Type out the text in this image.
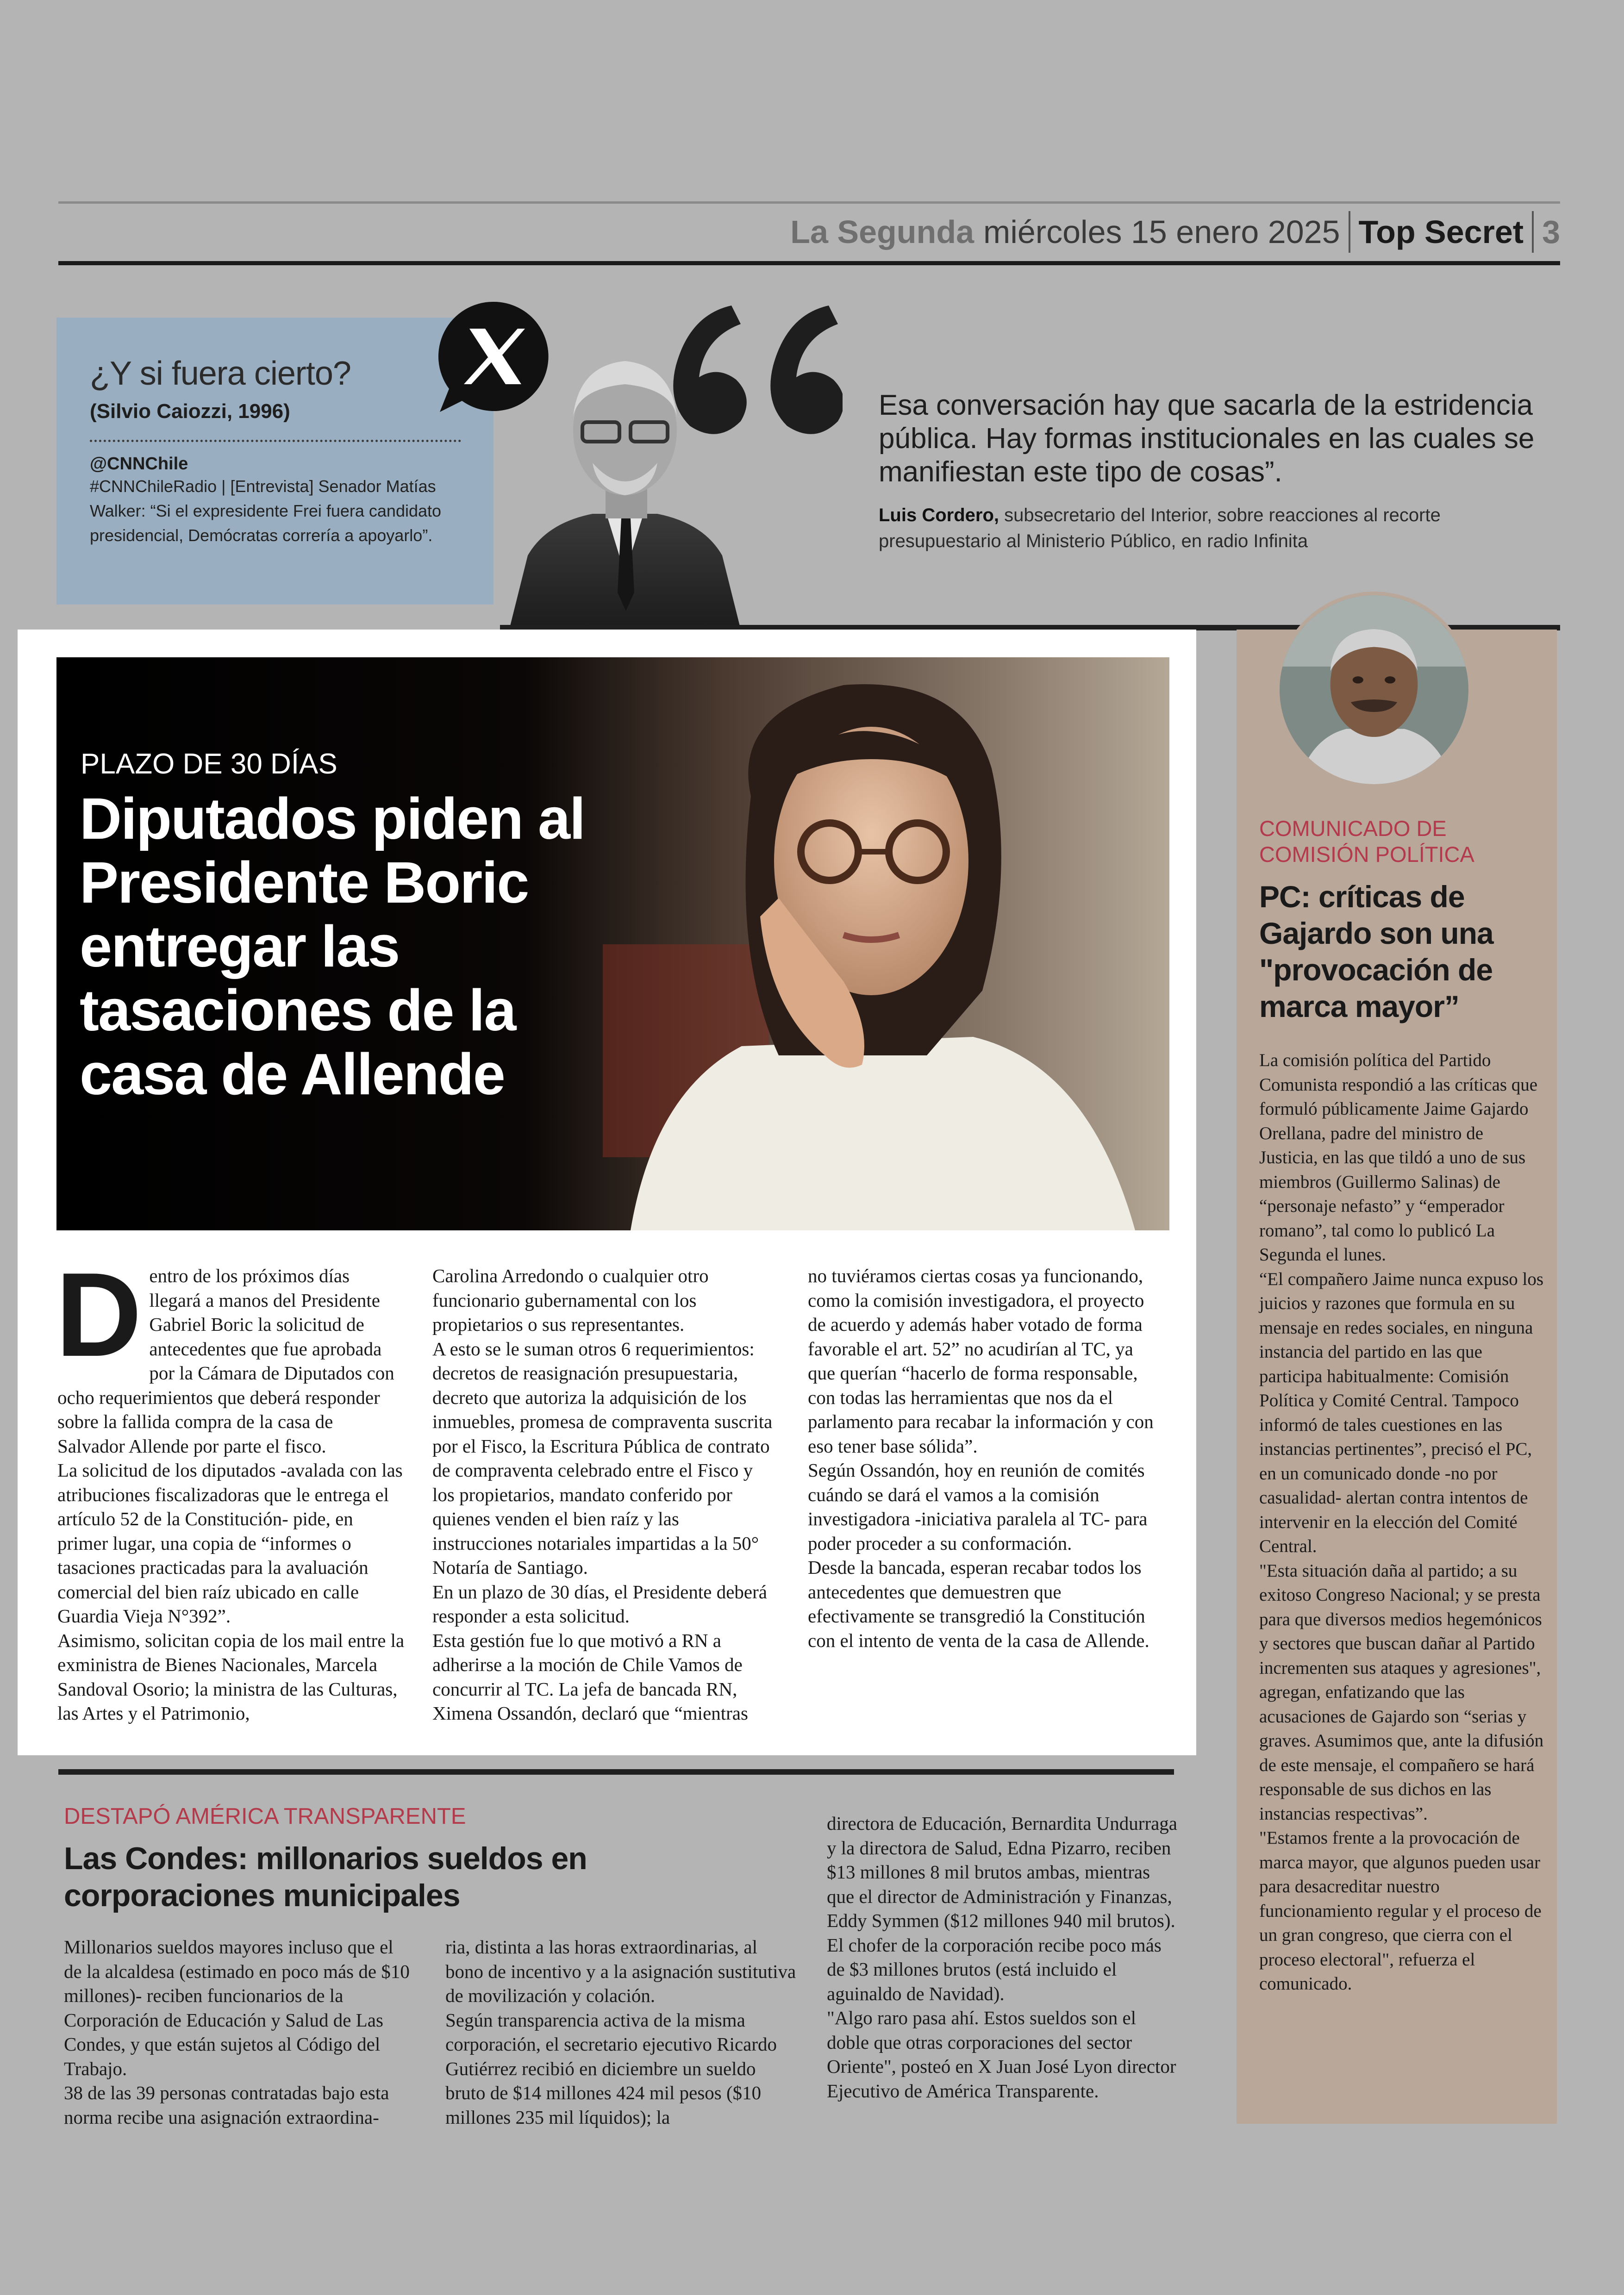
La Segunda miércoles 15 enero 2025 Top Secret 3
¿Y si fuera cierto?
(Silvio Caiozzi, 1996)
@CNNChile
#CNNChileRadio | [Entrevista] Senador Matías Walker: “Si el expresidente Frei fuera candidato presidencial, Demócratas correría a apoyarlo”.
Esa conversación hay que sacarla de la estridencia pública. Hay formas institucionales en las cuales se manifiestan este tipo de cosas”.
Luis Cordero, subsecretario del Interior, sobre reacciones al recorte presupuestario al Ministerio Público, en radio Infinita
COMUNICADO DE COMISIÓN POLÍTICA
PC: críticas de Gajardo son una "provocación de marca mayor”

La comisión política del Partido Comunista respondió a las críticas que formuló públicamente Jaime Gajardo Orellana, padre del ministro de Justicia, en las que tildó a uno de sus miembros (Guillermo Salinas) de “personaje nefasto” y “emperador romano”, tal como lo publicó La Segunda el lunes.

“El compañero Jaime nunca expuso los juicios y razones que formula en su mensaje en redes sociales, en ninguna instancia del partido en las que participa habitualmente: Comisión Política y Comité Central. Tampoco informó de tales cuestiones en las instancias pertinentes”, precisó el PC, en un comunicado donde -no por casualidad- alertan contra intentos de intervenir en la elección del Comité Central.

"Esta situación daña al partido; a su exitoso Congreso Nacional; y se presta para que diversos medios hegemónicos y sectores que buscan dañar al Partido incrementen sus ataques y agresiones", agregan, enfatizando que las acusaciones de Gajardo son “serias y graves. Asumimos que, ante la difusión de este mensaje, el compañero se hará responsable de sus dichos en las instancias respectivas”.

"Estamos frente a la provocación de marca mayor, que algunos pueden usar para desacreditar nuestro funcionamiento regular y el proceso de un gran congreso, que cierra con el proceso electoral", refuerza el comunicado.

PLAZO DE 30 DÍAS
Diputados piden al Presidente Boric entregar las tasaciones de la casa de Allende
D entro de los próximos días llegará a manos del Presidente Gabriel Boric la solicitud de antecedentes que fue aprobada por la Cámara de Diputados con ocho requerimientos que deberá responder sobre la fallida compra de la casa de Salvador Allende por parte el fisco.

La solicitud de los diputados -avalada con las atribuciones fiscalizadoras que le entrega el artículo 52 de la Constitución- pide, en primer lugar, una copia de “informes o tasaciones practicadas para la avaluación comercial del bien raíz ubicado en calle Guardia Vieja N°392”.

Asimismo, solicitan copia de los mail entre la exministra de Bienes Nacionales, Marcela Sandoval Osorio; la ministra de las Culturas, las Artes y el Patrimonio,

Carolina Arredondo o cualquier otro funcionario gubernamental con los propietarios o sus representantes.

A esto se le suman otros 6 requerimientos: decretos de reasignación presupuestaria, decreto que autoriza la adquisición de los inmuebles, promesa de compraventa suscrita por el Fisco, la Escritura Pública de contrato de compraventa celebrado entre el Fisco y los propietarios, mandato conferido por quienes venden el bien raíz y las instrucciones notariales impartidas a la 50° Notaría de Santiago.

En un plazo de 30 días, el Presidente deberá responder a esta solicitud.

Esta gestión fue lo que motivó a RN a adherirse a la moción de Chile Vamos de concurrir al TC. La jefa de bancada RN, Ximena Ossandón, declaró que “mientras

no tuviéramos ciertas cosas ya funcionando, como la comisión investigadora, el proyecto de acuerdo y además haber votado de forma favorable el art. 52” no acudirían al TC, ya que querían “hacerlo de forma responsable, con todas las herramientas que nos da el parlamento para recabar la información y con eso tener base sólida”.

Según Ossandón, hoy en reunión de comités cuándo se dará el vamos a la comisión investigadora -iniciativa paralela al TC- para poder proceder a su conformación.

Desde la bancada, esperan recabar todos los antecedentes que demuestren que efectivamente se transgredió la Constitución con el intento de venta de la casa de Allende.

DESTAPÓ AMÉRICA TRANSPARENTE
Las Condes: millonarios sueldos en corporaciones municipales

Millonarios sueldos mayores incluso que el de la alcaldesa (estimado en poco más de $10 millones)- reciben funcionarios de la Corporación de Educación y Salud de Las Condes, y que están sujetos al Código del Trabajo.

38 de las 39 personas contratadas bajo esta norma recibe una asignación extraordina-

ria, distinta a las horas extraordinarias, al bono de incentivo y a la asignación sustitutiva de movilización y colación.

Según transparencia activa de la misma corporación, el secretario ejecutivo Ricardo Gutiérrez recibió en diciembre un sueldo bruto de $14 millones 424 mil pesos ($10 millones 235 mil líquidos); la

directora de Educación, Bernardita Undurraga y la directora de Salud, Edna Pizarro, reciben $13 millones 8 mil brutos ambas, mientras que el director de Administración y Finanzas, Eddy Symmen ($12 millones 940 mil brutos). El chofer de la corporación recibe poco más de $3 millones brutos (está incluido el aguinaldo de Navidad).

"Algo raro pasa ahí. Estos sueldos son el doble que otras corporaciones del sector Oriente", posteó en X Juan José Lyon director Ejecutivo de América Transparente.
